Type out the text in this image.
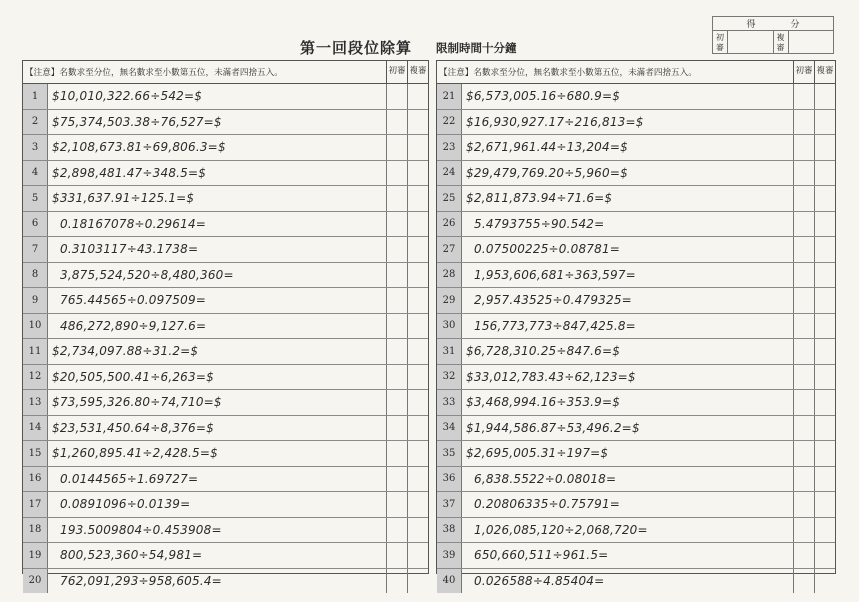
第一回段位除算 限制時間十分鐘
得	分
初審
複審
【注意】名數求至分位，無名數求至小數第五位，未滿者四捨五入。	初審 複審
1	$10,010,322.66÷542=$
2	$75,374,503.38÷76,527=$
3	$2,108,673.81÷69,806.3=$
4	$2,898,481.47÷348.5=$
5	$331,637.91÷125.1=$
6	0.18167078÷0.29614=
7	0.3103117÷43.1738=
8	3,875,524,520÷8,480,360=
9	765.44565÷0.097509=
10	486,272,890÷9,127.6=
11 $2,734,097.88÷31.2=$
12 $20,505,500.41÷6,263=$
13 $73,595,326.80÷74,710=$
14 $23,531,450.64÷8,376=$
15 $1,260,895.41÷2,428.5=$
16	0.0144565÷1.69727=
17	0.0891096÷0.0139=
18	193.5009804÷0.453908=
19	800,523,360÷54,981=
20	762,091,293÷958,605.4=
【注意】名數求至分位，無名數求至小數第五位，未滿者四捨五入。	初審 複審
21 $6,573,005.16÷680.9=$
22 $16,930,927.17÷216,813=$
23 $2,671,961.44÷13,204=$
24 $29,479,769.20÷5,960=$
25 $2,811,873.94÷71.6=$
26	5.4793755÷90.542=
27	0.07500225÷0.08781=
28	1,953,606,681÷363,597=
29	2,957.43525÷0.479325=
30	156,773,773÷847,425.8=
31 $6,728,310.25÷847.6=$
32 $33,012,783.43÷62,123=$
33 $3,468,994.16÷353.9=$
34 $1,944,586.87÷53,496.2=$
35 $2,695,005.31÷197=$
36	6,838.5522÷0.08018=
37	0.20806335÷0.75791=
38	1,026,085,120÷2,068,720=
39	650,660,511÷961.5=
40	0.026588÷4.85404=
